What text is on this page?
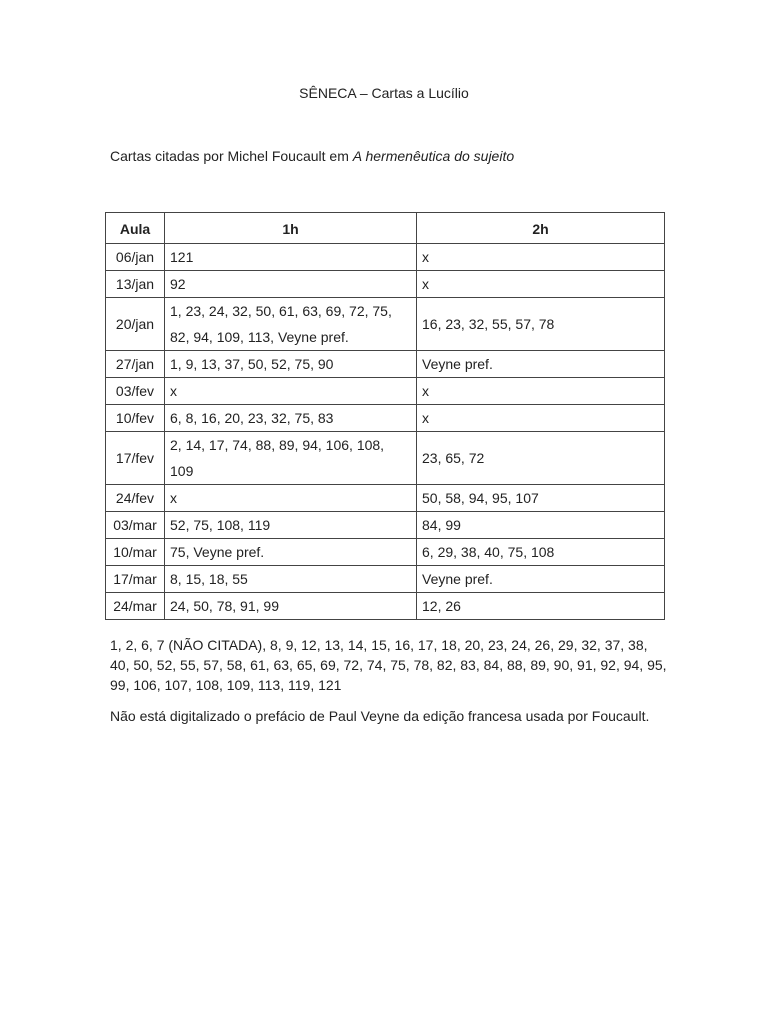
SÊNECA – Cartas a Lucílio
Cartas citadas por Michel Foucault em A hermenêutica do sujeito
Aula	1h	2h
06/jan	121	x
13/jan	92	x
20/jan	1, 23, 24, 32, 50, 61, 63, 69, 72, 75, 82, 94, 109, 113, Veyne pref.	16, 23, 32, 55, 57, 78
27/jan	1, 9, 13, 37, 50, 52, 75, 90	Veyne pref.
03/fev	x	x
10/fev	6, 8, 16, 20, 23, 32, 75, 83	x
17/fev	2, 14, 17, 74, 88, 89, 94, 106, 108, 109	23, 65, 72
24/fev	x	50, 58, 94, 95, 107
03/mar	52, 75, 108, 119	84, 99
10/mar	75, Veyne pref.	6, 29, 38, 40, 75, 108
17/mar	8, 15, 18, 55	Veyne pref.
24/mar	24, 50, 78, 91, 99	12, 26
1, 2, 6, 7 (NÃO CITADA), 8, 9, 12, 13, 14, 15, 16, 17, 18, 20, 23, 24, 26, 29, 32, 37, 38, 40, 50, 52, 55, 57, 58, 61, 63, 65, 69, 72, 74, 75, 78, 82, 83, 84, 88, 89, 90, 91, 92, 94, 95, 99, 106, 107, 108, 109, 113, 119, 121
Não está digitalizado o prefácio de Paul Veyne da edição francesa usada por Foucault.
